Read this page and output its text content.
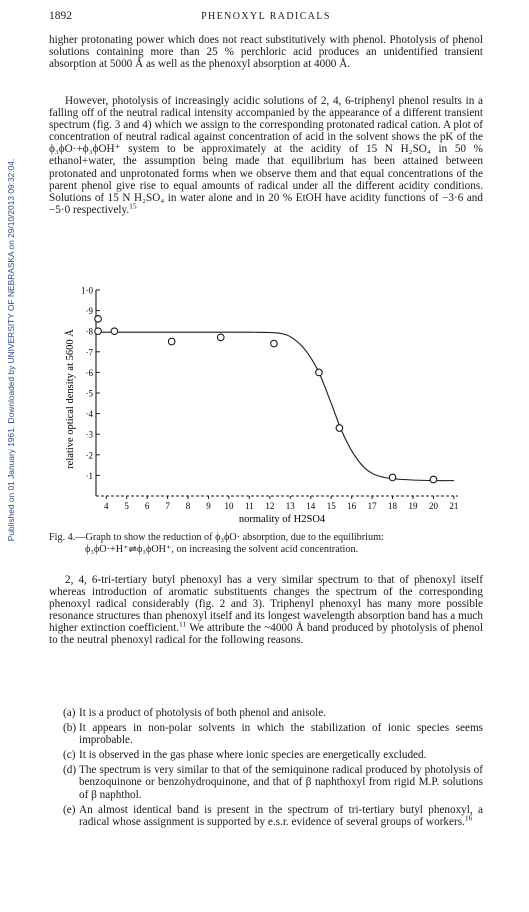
Published on 01 January 1961. Downloaded by UNIVERSITY OF NEBRASKA on 29/10/2013 09:32:04.
1892	PHENOXYL RADICALS
higher protonating power which does not react substitutively with phenol. Photolysis of phenol solutions containing more than 25 % perchloric acid produces an unidentified transient absorption at 5000 Å as well as the phenoxyl absorption at 4000 Å.
However, photolysis of increasingly acidic solutions of 2, 4, 6-triphenyl phenol results in a falling off of the neutral radical intensity accompanied by the appearance of a different transient spectrum (fig. 3 and 4) which we assign to the corresponding protonated radical cation. A plot of concentration of neutral radical against concentration of acid in the solvent shows the pK of the ϕ₃ϕO·+ϕ₃ϕOH⁺ system to be approximately at the acidity of 15 N H₂SO₄ in 50 % ethanol+water, the assumption being made that equilibrium has been attained between protonated and unprotonated forms when we observe them and that equal concentrations of the parent phenol give rise to equal amounts of radical under all the different acidity conditions. Solutions of 15 N H₂SO₄ in water alone and in 20 % EtOH have acidity functions of −3·6 and −5·0 respectively.$^{15}$
·1
·2
·3
·4
·5
·6
·7
·8
·9
1·0
4 5 6 7 8 9 10 11 12 13 14 15 16 17 18 19 20 21
relative optical density at 5600 Å
normality of H2SO4
Fig. 4.—Graph to show the reduction of ϕ₃ϕO· absorption, due to the equilibrium:
ϕ₃ϕO·+H⁺⇌ϕ₃ϕOH⁺, on increasing the solvent acid concentration.
2, 4, 6-tri-tertiary butyl phenoxyl has a very similar spectrum to that of phenoxyl itself whereas introduction of aromatic substituents changes the spectrum of the corresponding phenoxyl radical considerably (fig. 2 and 3). Triphenyl phenoxyl has many more possible resonance structures than phenoxyl itself and its longest wavelength absorption band has a much higher extinction coefficient.$^{11}$ We attribute the ~4000 Å band produced by photolysis of phenol to the neutral phenoxyl radical for the following reasons.
(a) It is a product of photolysis of both phenol and anisole.
(b) It appears in non-polar solvents in which the stabilization of ionic species seems improbable.
(c) It is observed in the gas phase where ionic species are energetically excluded.
(d) The spectrum is very similar to that of the semiquinone radical produced by photolysis of benzoquinone or benzohydroquinone, and that of β naphthoxyl from rigid M.P. solutions of β naphthol.
(e) An almost identical band is present in the spectrum of tri-tertiary butyl phenoxyl, a radical whose assignment is supported by e.s.r. evidence of several groups of workers.$^{16}$
